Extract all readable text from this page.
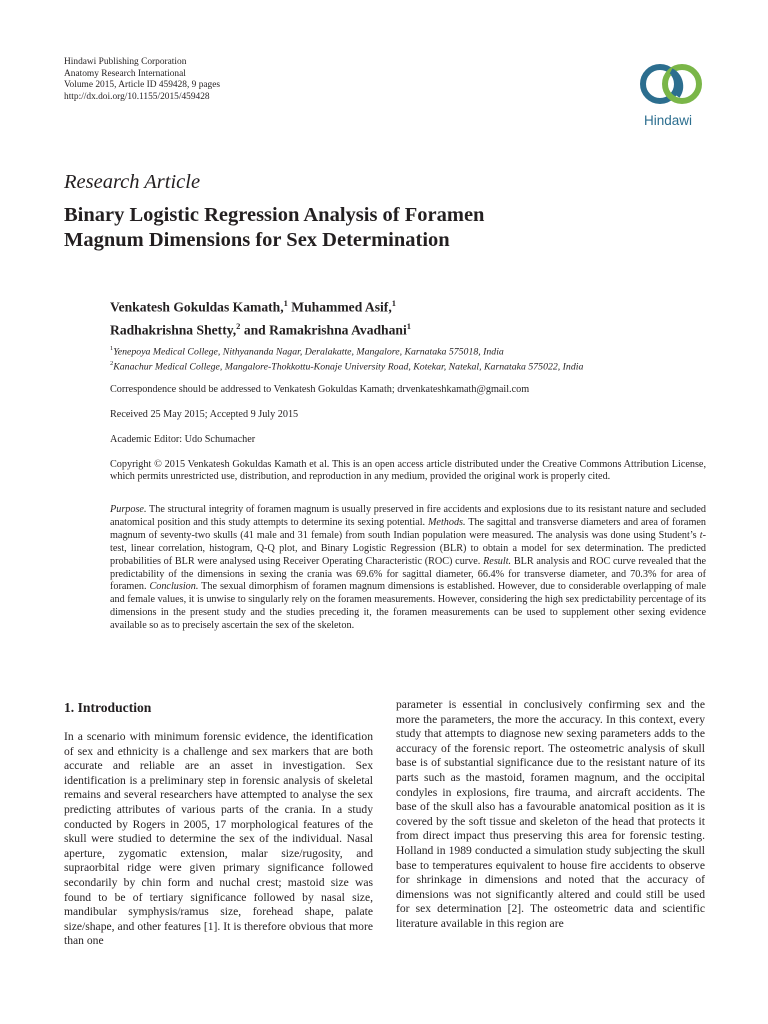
Hindawi Publishing Corporation
Anatomy Research International
Volume 2015, Article ID 459428, 9 pages
http://dx.doi.org/10.1155/2015/459428
Hindawi
Research Article
Binary Logistic Regression Analysis of Foramen
Magnum Dimensions for Sex Determination
Venkatesh Gokuldas Kamath,$^1$ Muhammed Asif,$^1$
Radhakrishna Shetty,$^2$ and Ramakrishna Avadhani$^1$
$^1$Yenepoya Medical College, Nithyananda Nagar, Deralakatte, Mangalore, Karnataka 575018, India
$^2$Kanachur Medical College, Mangalore-Thokkottu-Konaje University Road, Kotekar, Natekal, Karnataka 575022, India
Correspondence should be addressed to Venkatesh Gokuldas Kamath; drvenkateshkamath@gmail.com
Received 25 May 2015; Accepted 9 July 2015
Academic Editor: Udo Schumacher
Copyright © 2015 Venkatesh Gokuldas Kamath et al. This is an open access article distributed under the Creative Commons Attribution License, which permits unrestricted use, distribution, and reproduction in any medium, provided the original work is properly cited.
Purpose. The structural integrity of foramen magnum is usually preserved in fire accidents and explosions due to its resistant nature and secluded anatomical position and this study attempts to determine its sexing potential. Methods. The sagittal and transverse diameters and area of foramen magnum of seventy-two skulls (41 male and 31 female) from south Indian population were measured. The analysis was done using Student’s t-test, linear correlation, histogram, Q-Q plot, and Binary Logistic Regression (BLR) to obtain a model for sex determination. The predicted probabilities of BLR were analysed using Receiver Operating Characteristic (ROC) curve. Result. BLR analysis and ROC curve revealed that the predictability of the dimensions in sexing the crania was 69.6% for sagittal diameter, 66.4% for transverse diameter, and 70.3% for area of foramen. Conclusion. The sexual dimorphism of foramen magnum dimensions is established. However, due to considerable overlapping of male and female values, it is unwise to singularly rely on the foramen measurements. However, considering the high sex predictability percentage of its dimensions in the present study and the studies preceding it, the foramen measurements can be used to supplement other sexing evidence available so as to precisely ascertain the sex of the skeleton.
1. Introduction
In a scenario with minimum forensic evidence, the identification of sex and ethnicity is a challenge and sex markers that are both accurate and reliable are an asset in investigation. Sex identification is a preliminary step in forensic analysis of skeletal remains and several researchers have attempted to analyse the sex predicting attributes of various parts of the crania. In a study conducted by Rogers in 2005, 17 morphological features of the skull were studied to determine the sex of the individual. Nasal aperture, zygomatic extension, malar size/rugosity, and supraorbital ridge were given primary significance followed secondarily by chin form and nuchal crest; mastoid size was found to be of tertiary significance followed by nasal size, mandibular symphysis/ramus size, forehead shape, palate size/shape, and other features [1]. It is therefore obvious that more than one
parameter is essential in conclusively confirming sex and the more the parameters, the more the accuracy. In this context, every study that attempts to diagnose new sexing parameters adds to the accuracy of the forensic report. The osteometric analysis of skull base is of substantial significance due to the resistant nature of its parts such as the mastoid, foramen magnum, and the occipital condyles in explosions, fire trauma, and aircraft accidents. The base of the skull also has a favourable anatomical position as it is covered by the soft tissue and skeleton of the head that protects it from direct impact thus preserving this area for forensic testing. Holland in 1989 conducted a simulation study subjecting the skull base to temperatures equivalent to house fire accidents to observe for shrinkage in dimensions and noted that the accuracy of dimensions was not significantly altered and could still be used for sex determination [2]. The osteometric data and scientific literature available in this region are
